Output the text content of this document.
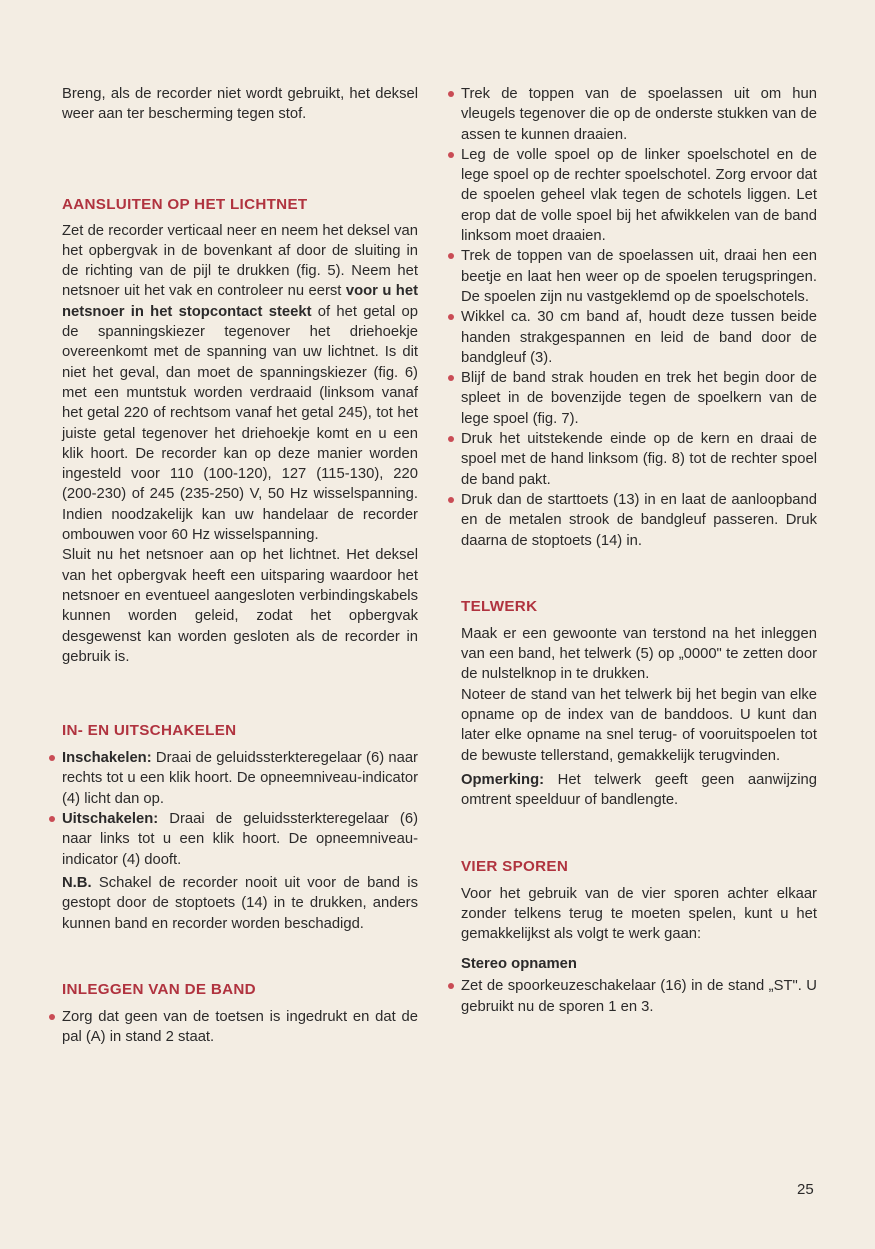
Breng, als de recorder niet wordt gebruikt, het deksel weer aan ter bescherming tegen stof.

AANSLUITEN OP HET LICHTNET

Zet de recorder verticaal neer en neem het deksel van het opbergvak in de bovenkant af door de sluiting in de richting van de pijl te drukken (fig. 5). Neem het netsnoer uit het vak en controleer nu eerst voor u het netsnoer in het stopcontact steekt of het getal op de spanningskiezer tegenover het driehoekje overeenkomt met de spanning van uw lichtnet. Is dit niet het geval, dan moet de spanningskiezer (fig. 6) met een muntstuk worden verdraaid (linksom vanaf het getal 220 of rechtsom vanaf het getal 245), tot het juiste getal tegenover het driehoekje komt en u een klik hoort. De recorder kan op deze manier worden ingesteld voor 110 (100-120), 127 (115-130), 220 (200-230) of 245 (235-250) V, 50 Hz wisselspanning. Indien noodzakelijk kan uw handelaar de recorder ombouwen voor 60 Hz wisselspanning.

Sluit nu het netsnoer aan op het lichtnet. Het deksel van het opbergvak heeft een uitsparing waardoor het netsnoer en eventueel aangesloten verbindingskabels kunnen worden geleid, zodat het opbergvak desgewenst kan worden gesloten als de recorder in gebruik is.

IN- EN UITSCHAKELEN
Inschakelen: Draai de geluidssterkteregelaar (6) naar rechts tot u een klik hoort. De opneemniveau-indicator (4) licht dan op.
Uitschakelen: Draai de geluidssterkteregelaar (6) naar links tot u een klik hoort. De opneemniveau-indicator (4) dooft.

N.B. Schakel de recorder nooit uit voor de band is gestopt door de stoptoets (14) in te drukken, anders kunnen band en recorder worden beschadigd.

INLEGGEN VAN DE BAND
Zorg dat geen van de toetsen is ingedrukt en dat de pal (A) in stand 2 staat.
Trek de toppen van de spoelassen uit om hun vleugels tegenover die op de onderste stukken van de assen te kunnen draaien.
Leg de volle spoel op de linker spoelschotel en de lege spoel op de rechter spoelschotel. Zorg ervoor dat de spoelen geheel vlak tegen de schotels liggen. Let erop dat de volle spoel bij het afwikkelen van de band linksom moet draaien.
Trek de toppen van de spoelassen uit, draai hen een beetje en laat hen weer op de spoelen terugspringen. De spoelen zijn nu vastgeklemd op de spoelschotels.
Wikkel ca. 30 cm band af, houdt deze tussen beide handen strakgespannen en leid de band door de bandgleuf (3).
Blijf de band strak houden en trek het begin door de spleet in de bovenzijde tegen de spoelkern van de lege spoel (fig. 7).
Druk het uitstekende einde op de kern en draai de spoel met de hand linksom (fig. 8) tot de rechter spoel de band pakt.
Druk dan de starttoets (13) in en laat de aanloopband en de metalen strook de bandgleuf passeren. Druk daarna de stoptoets (14) in.
TELWERK

Maak er een gewoonte van terstond na het inleggen van een band, het telwerk (5) op „0000" te zetten door de nulstelknop in te drukken.

Noteer de stand van het telwerk bij het begin van elke opname op de index van de banddoos. U kunt dan later elke opname na snel terug- of vooruitspoelen tot de bewuste tellerstand, gemakkelijk terugvinden.

Opmerking: Het telwerk geeft geen aanwijzing omtrent speelduur of bandlengte.

VIER SPOREN

Voor het gebruik van de vier sporen achter elkaar zonder telkens terug te moeten spelen, kunt u het gemakkelijkst als volgt te werk gaan:

Stereo opnamen
Zet de spoorkeuzeschakelaar (16) in de stand „ST". U gebruikt nu de sporen 1 en 3.
25
